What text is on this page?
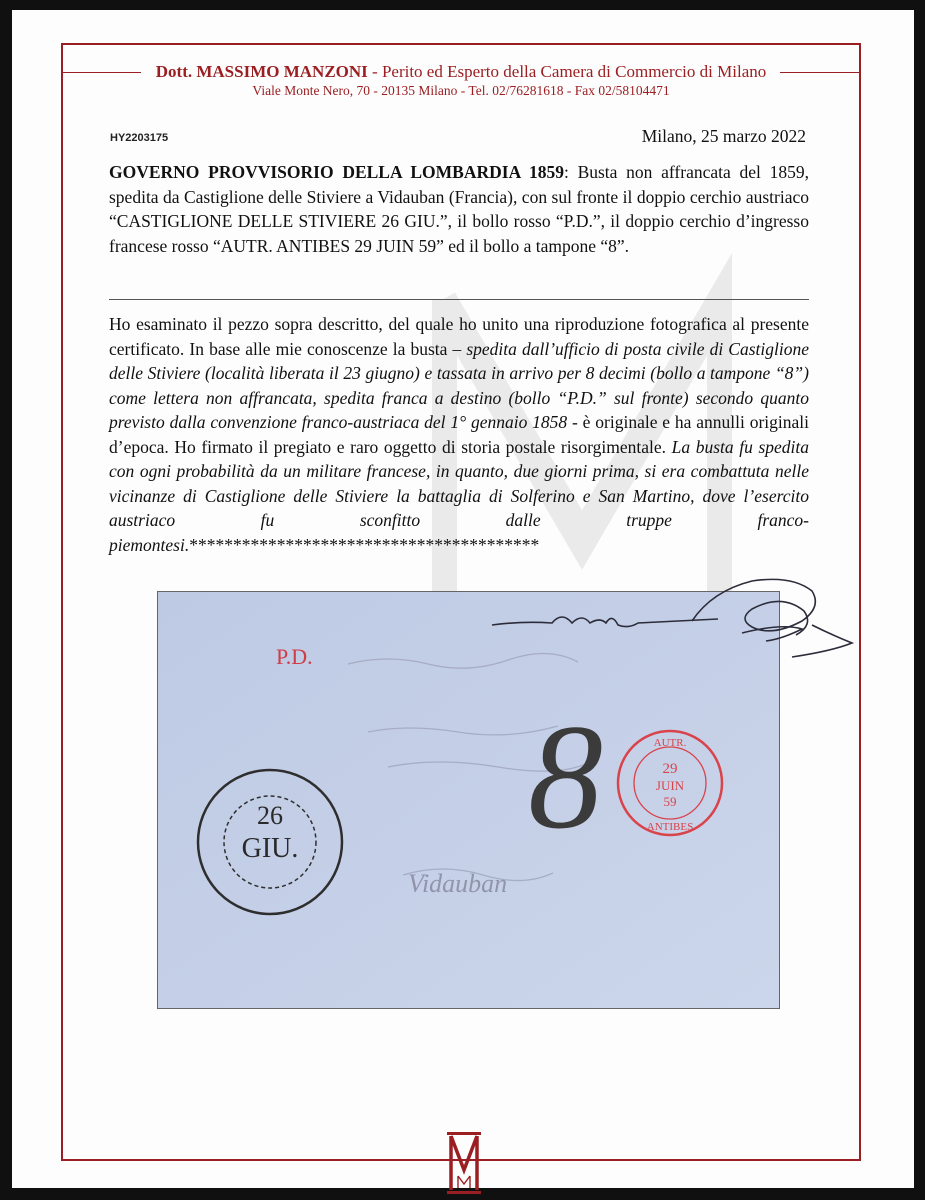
Dott. MASSIMO MANZONI - Perito ed Esperto della Camera di Commercio di Milano
Viale Monte Nero, 70 - 20135 Milano - Tel. 02/76281618 - Fax 02/58104471
HY2203175	Milano, 25 marzo 2022
GOVERNO PROVVISORIO DELLA LOMBARDIA 1859: Busta non affrancata del 1859, spedita da Castiglione delle Stiviere a Vidauban (Francia), con sul fronte il doppio cerchio austriaco “CASTIGLIONE DELLE STIVIERE 26 GIU.”, il bollo rosso “P.D.”, il doppio cerchio d’ingresso francese rosso “AUTR. ANTIBES 29 JUIN 59” ed il bollo a tampone “8”.
Ho esaminato il pezzo sopra descritto, del quale ho unito una riproduzione fotografica al presente certificato. In base alle mie conoscenze la busta – spedita dall’ufficio di posta civile di Castiglione delle Stiviere (località liberata il 23 giugno) e tassata in arrivo per 8 decimi (bollo a tampone “8”) come lettera non affrancata, spedita franca a destino (bollo “P.D.” sul fronte) secondo quanto previsto dalla convenzione franco-austriaca del 1° gennaio 1858 - è originale e ha annulli originali d’epoca. Ho firmato il pregiato e raro oggetto di storia postale risorgimentale. La busta fu spedita con ogni probabilità da un militare francese, in quanto, due giorni prima, si era combattuta nelle vicinanze di Castiglione delle Stiviere la battaglia di Solferino e San Martino, dove l’esercito austriaco fu sconfitto dalle truppe franco-piemontesi.****************************************
Vidauban
P.D.
8
26
GIU.
AUTR.
29
JUIN
59
ANTIBES
